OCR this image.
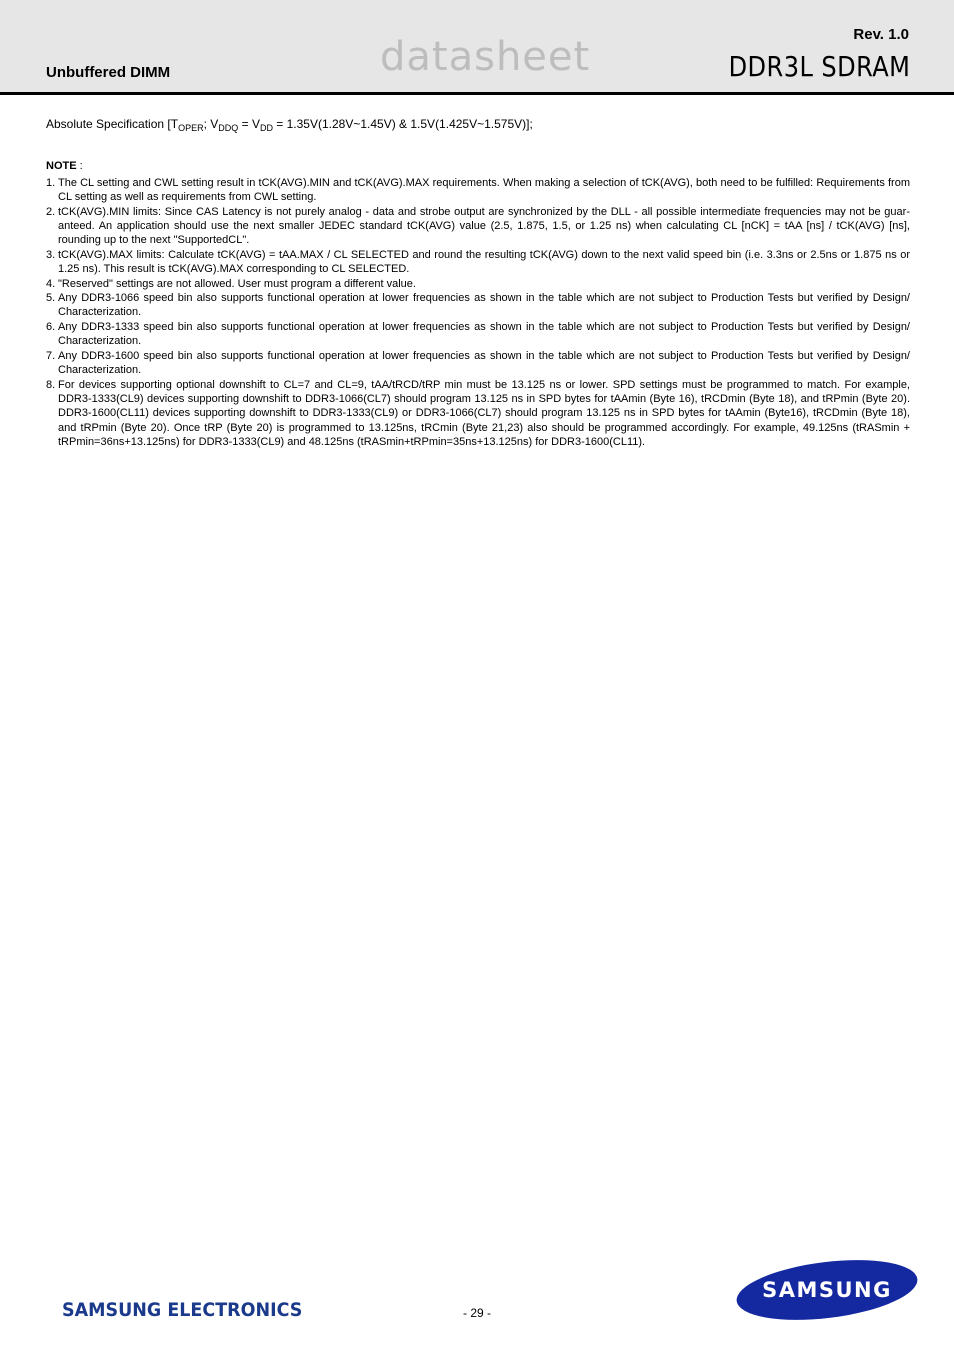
Unbuffered DIMM	datasheet	Rev. 1.0
DDR3L SDRAM
Absolute Specification [$T_{OPER}$; $V_{DDQ} = V_{DD}$ = 1.35V(1.28V~1.45V) & 1.5V(1.425V~1.575V)];
NOTE :
1. The CL setting and CWL setting result in tCK(AVG).MIN and tCK(AVG).MAX requirements. When making a selection of tCK(AVG), both need to be fulfilled: Requirements from CL setting as well as requirements from CWL setting.
2. tCK(AVG).MIN limits: Since CAS Latency is not purely analog - data and strobe output are synchronized by the DLL - all possible intermediate frequencies may not be guar-anteed. An application should use the next smaller JEDEC standard tCK(AVG) value (2.5, 1.875, 1.5, or 1.25 ns) when calculating CL [nCK] = tAA [ns] / tCK(AVG) [ns], rounding up to the next "SupportedCL".
3. tCK(AVG).MAX limits: Calculate tCK(AVG) = tAA.MAX / CL SELECTED and round the resulting tCK(AVG) down to the next valid speed bin (i.e. 3.3ns or 2.5ns or 1.875 ns or 1.25 ns). This result is tCK(AVG).MAX corresponding to CL SELECTED.
4. "Reserved" settings are not allowed. User must program a different value.
5. Any DDR3-1066 speed bin also supports functional operation at lower frequencies as shown in the table which are not subject to Production Tests but verified by Design/ Characterization.
6. Any DDR3-1333 speed bin also supports functional operation at lower frequencies as shown in the table which are not subject to Production Tests but verified by Design/ Characterization.
7. Any DDR3-1600 speed bin also supports functional operation at lower frequencies as shown in the table which are not subject to Production Tests but verified by Design/ Characterization.
8. For devices supporting optional downshift to CL=7 and CL=9, tAA/tRCD/tRP min must be 13.125 ns or lower. SPD settings must be programmed to match. For example, DDR3-1333(CL9) devices supporting downshift to DDR3-1066(CL7) should program 13.125 ns in SPD bytes for tAAmin (Byte 16), tRCDmin (Byte 18), and tRPmin (Byte 20). DDR3-1600(CL11) devices supporting downshift to DDR3-1333(CL9) or DDR3-1066(CL7) should program 13.125 ns in SPD bytes for tAAmin (Byte16), tRCDmin (Byte 18), and tRPmin (Byte 20). Once tRP (Byte 20) is programmed to 13.125ns, tRCmin (Byte 21,23) also should be programmed accordingly. For example, 49.125ns (tRASmin + tRPmin=36ns+13.125ns) for DDR3-1333(CL9) and 48.125ns (tRASmin+tRPmin=35ns+13.125ns) for DDR3-1600(CL11).
SAMSUNG ELECTRONICS	- 29 -
SAMSUNG
